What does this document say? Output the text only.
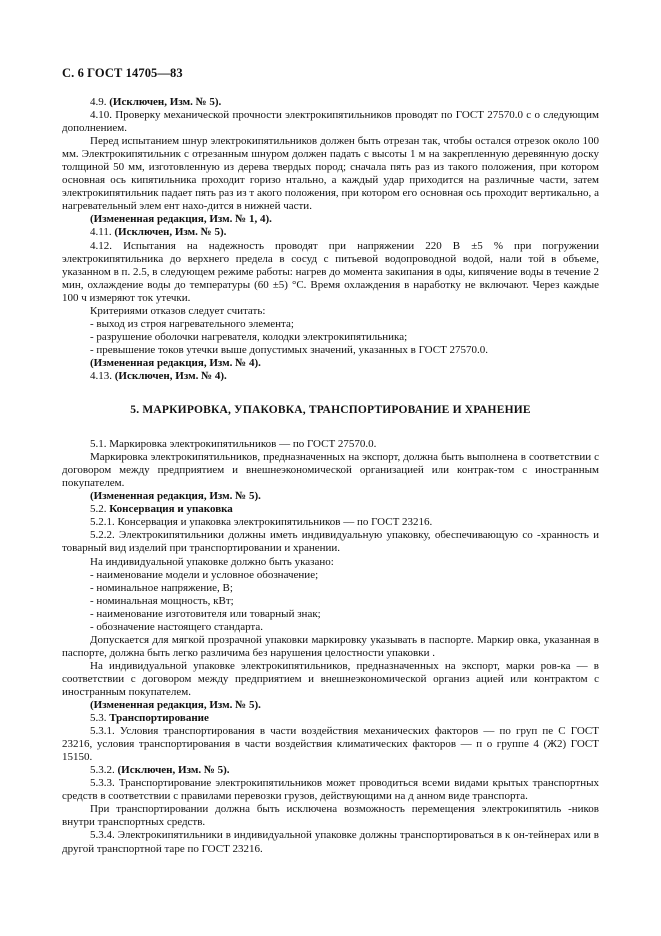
С. 6 ГОСТ 14705—83

4.9. (Исключен, Изм. № 5).

4.10. Проверку механической прочности электрокипятильников проводят по ГОСТ 27570.0 с о следующим дополнением.

Перед испытанием шнур электрокипятильников должен быть отрезан так, чтобы остался отрезок около 100 мм. Электрокипятильник с отрезанным шнуром должен падать с высоты 1 м на закрепленную деревянную доску толщиной 50 мм, изготовленную из дерева твердых пород; сначала пять раз из такого положения, при котором основная ось кипятильника проходит горизо нтально, а каждый удар приходится на различные части, затем электрокипятильник падает пять раз из т акого положения, при котором его основная ось проходит вертикально, а нагревательный элем ент нахо-дится в нижней части.

(Измененная редакция, Изм. № 1, 4).

4.11. (Исключен, Изм. № 5).

4.12. Испытания на надежность проводят при напряжении 220 В ±5 % при погружении электрокипятильника до верхнего предела в сосуд с питьевой водопроводной водой, нали той в объеме, указанном в п. 2.5, в следующем режиме работы: нагрев до момента закипания в оды, кипячение воды в течение 2 мин, охлаждение воды до температуры (60 ±5) °С. Время охлаждения в наработку не включают. Через каждые 100 ч измеряют ток утечки.

Критериями отказов следует считать:

- выход из строя нагревательного элемента;

- разрушение оболочки нагревателя, колодки электрокипятильника;

- превышение токов утечки выше допустимых значений, указанных в ГОСТ 27570.0.

(Измененная редакция, Изм. № 4).

4.13. (Исключен, Изм. № 4).

5. МАРКИРОВКА, УПАКОВКА, ТРАНСПОРТИРОВАНИЕ И ХРАНЕНИЕ

5.1. Маркировка электрокипятильников — по ГОСТ 27570.0.

Маркировка электрокипятильников, предназначенных на экспорт, должна быть выполнена в соответствии с договором между предприятием и внешнеэкономической организацией или контрак-том с иностранным покупателем.

(Измененная редакция, Изм. № 5).

5.2. Консервация и упаковка

5.2.1. Консервация и упаковка электрокипятильников — по ГОСТ 23216.

5.2.2. Электрокипятильники должны иметь индивидуальную упаковку, обеспечивающую со -хранность и товарный вид изделий при транспортировании и хранении.

На индивидуальной упаковке должно быть указано:

- наименование модели и условное обозначение;

- номинальное напряжение, В;

- номинальная мощность, кВт;

- наименование изготовителя или товарный знак;

- обозначение настоящего стандарта.

Допускается для мягкой прозрачной упаковки маркировку указывать в паспорте. Маркир овка, указанная в паспорте, должна быть легко различима без нарушения целостности упаковки .

На индивидуальной упаковке электрокипятильников, предназначенных на экспорт, марки ров-ка — в соответствии с договором между предприятием и внешнеэкономической организ ацией или контрактом с иностранным покупателем.

(Измененная редакция, Изм. № 5).

5.3. Транспортирование

5.3.1. Условия транспортирования в части воздействия механических факторов — по груп пе С ГОСТ 23216, условия транспортирования в части воздействия климатических факторов — п о группе 4 (Ж2) ГОСТ 15150.

5.3.2. (Исключен, Изм. № 5).

5.3.3. Транспортирование электрокипятильников может проводиться всеми видами крытых транспортных средств в соответствии с правилами перевозки грузов, действующими на д анном виде транспорта.

При транспортировании должна быть исключена возможность перемещения электрокипятиль -ников внутри транспортных средств.

5.3.4. Электрокипятильники в индивидуальной упаковке должны транспортироваться в к он-тейнерах или в другой транспортной таре по ГОСТ 23216.
